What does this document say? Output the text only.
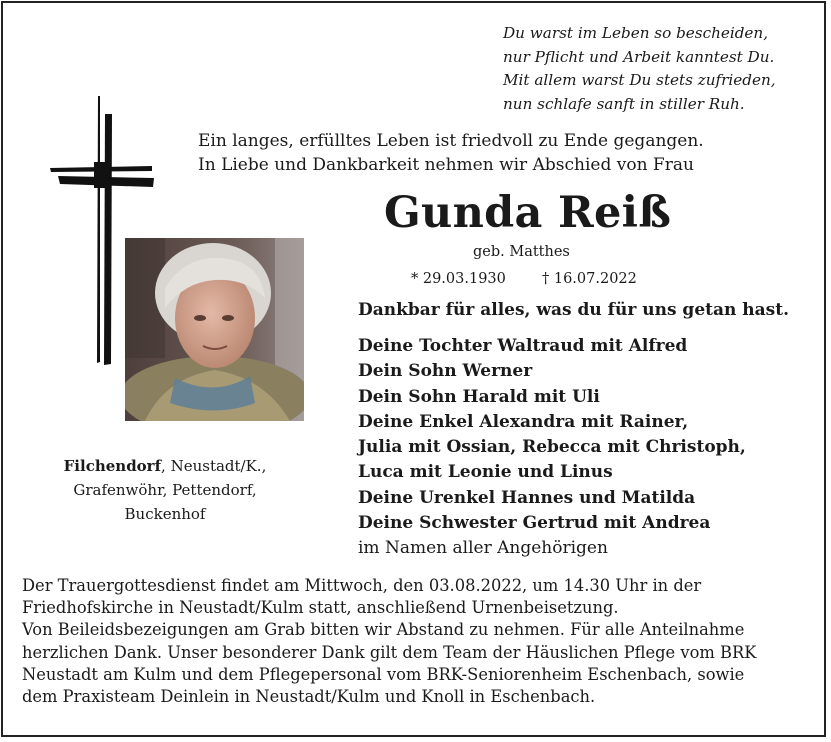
Du warst im Leben so bescheiden,
nur Pflicht und Arbeit kanntest Du.
Mit allem warst Du stets zufrieden,
nun schlafe sanft in stiller Ruh.
Ein langes, erfülltes Leben ist friedvoll zu Ende gegangen.
In Liebe und Dankbarkeit nehmen wir Abschied von Frau
Gunda Reiß
geb. Matthes
* 29.03.1930 † 16.07.2022
Dankbar für alles, was du für uns getan hast.
Deine Tochter Waltraud mit Alfred
Dein Sohn Werner
Dein Sohn Harald mit Uli
Deine Enkel Alexandra mit Rainer,
Julia mit Ossian, Rebecca mit Christoph,
Luca mit Leonie und Linus
Deine Urenkel Hannes und Matilda
Deine Schwester Gertrud mit Andrea
im Namen aller Angehörigen
Filchendorf, Neustadt/K.,
Grafenwöhr, Pettendorf,
Buckenhof
Der Trauergottesdienst findet am Mittwoch, den 03.08.2022, um 14.30 Uhr in der
Friedhofskirche in Neustadt/Kulm statt, anschließend Urnenbeisetzung.
Von Beileidsbezeigungen am Grab bitten wir Abstand zu nehmen. Für alle Anteilnahme
herzlichen Dank. Unser besonderer Dank gilt dem Team der Häuslichen Pflege vom BRK
Neustadt am Kulm und dem Pflegepersonal vom BRK-Seniorenheim Eschenbach, sowie
dem Praxisteam Deinlein in Neustadt/Kulm und Knoll in Eschenbach.
